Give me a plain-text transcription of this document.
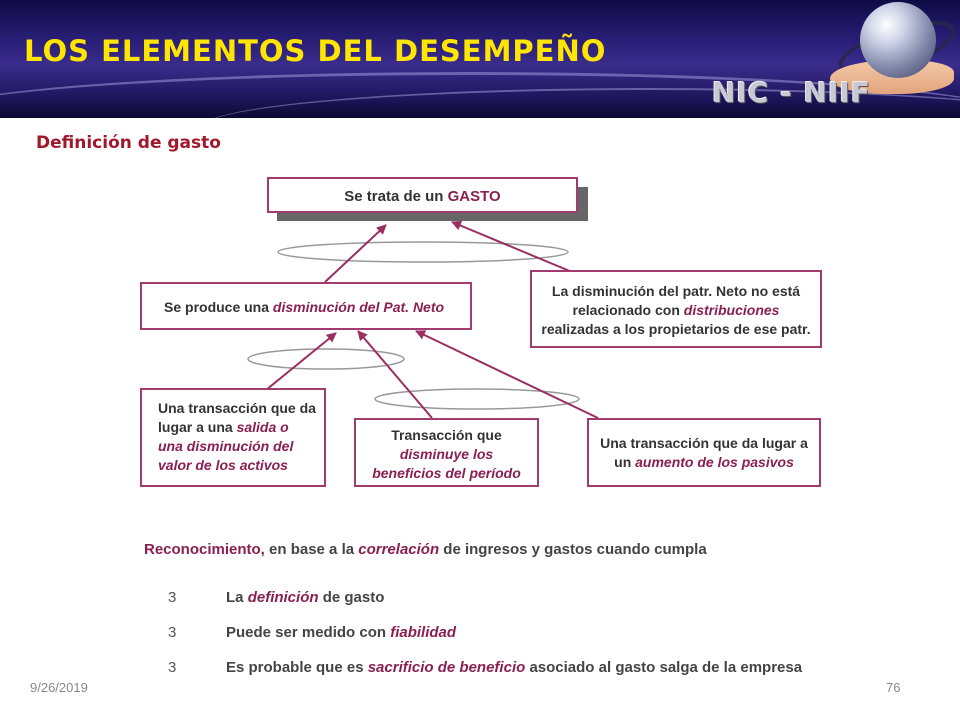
LOS ELEMENTOS DEL DESEMPEÑO
NIC - NIIF
Definición de gasto
Se trata de un GASTO
Se produce una disminución del Pat. Neto
La disminución del patr. Neto no está
relacionado con distribuciones
realizadas a los propietarios de ese patr.
Una transacción que da
lugar a una salida o
una disminución del
valor de los activos
Transacción que
disminuye los
beneficios del período
Una transacción que da lugar a
un aumento de los pasivos
Reconocimiento, en base a la correlación de ingresos y gastos cuando cumpla
3	La definición de gasto
3	Puede ser medido con fiabilidad
3	Es probable que es sacrificio de beneficio asociado al gasto salga de la empresa
9/26/2019	76
